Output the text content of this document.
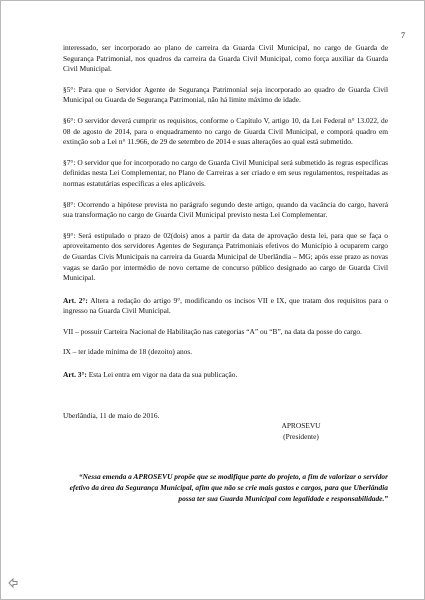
7

interessado, ser incorporado ao plano de carreira da Guarda Civil Municipal, no cargo de Guarda de Segurança Patrimonial, nos quadros da carreira da Guarda Civil Municipal, como força auxiliar da Guarda Civil Municipal.

§5°: Para que o Servidor Agente de Segurança Patrimonial seja incorporado ao quadro de Guarda Civil Municipal ou Guarda de Segurança Patrimonial, não há limite máximo de idade.

§6°: O servidor deverá cumprir os requisitos, conforme o Capítulo V, artigo 10, da Lei Federal n° 13.022, de 08 de agosto de 2014, para o enquadramento no cargo de Guarda Civil Municipal, e comporá quadro em extinção sob a Lei n° 11.966, de 29 de setembro de 2014 e suas alterações ao qual está submetido.

§7°: O servidor que for incorporado no cargo de Guarda Civil Municipal será submetido às regras específicas definidas nesta Lei Complementar, no Plano de Carreiras a ser criado e em seus regulamentos, respeitadas as normas estatutárias específicas a eles aplicáveis.

§8°: Ocorrendo a hipótese prevista no parágrafo segundo deste artigo, quando da vacância do cargo, haverá sua transformação no cargo de Guarda Civil Municipal previsto nesta Lei Complementar.

§9°: Será estipulado o prazo de 02(dois) anos a partir da data de aprovação desta lei, para que se faça o aproveitamento dos servidores Agentes de Segurança Patrimoniais efetivos do Município à ocuparem cargo de Guardas Civis Municipais na carreira da Guarda Municipal de Uberlândia – MG; após esse prazo as novas vagas se darão por intermédio de novo certame de concurso público designado ao cargo de Guarda Civil Municipal.

Art. 2°: Altera a redação do artigo 9°, modificando os incisos VII e IX, que tratam dos requisitos para o ingresso na Guarda Civil Municipal.

VII – possuir Carteira Nacional de Habilitação nas categorias “A” ou “B”, na data da posse do cargo.

IX – ter idade mínima de 18 (dezoito) anos.

Art. 3°: Esta Lei entra em vigor na data da sua publicação.

Uberlândia, 11 de maio de 2016.

APROSEVU

(Presidente)

“Nessa emenda a APROSEVU propõe que se modifique parte do projeto, a fim de valorizar o servidor efetivo da área da Segurança Municipal, afim que não se crie mais gastos e cargos, para que Uberlândia possa ter sua Guarda Municipal com legalidade e responsabilidade.”
